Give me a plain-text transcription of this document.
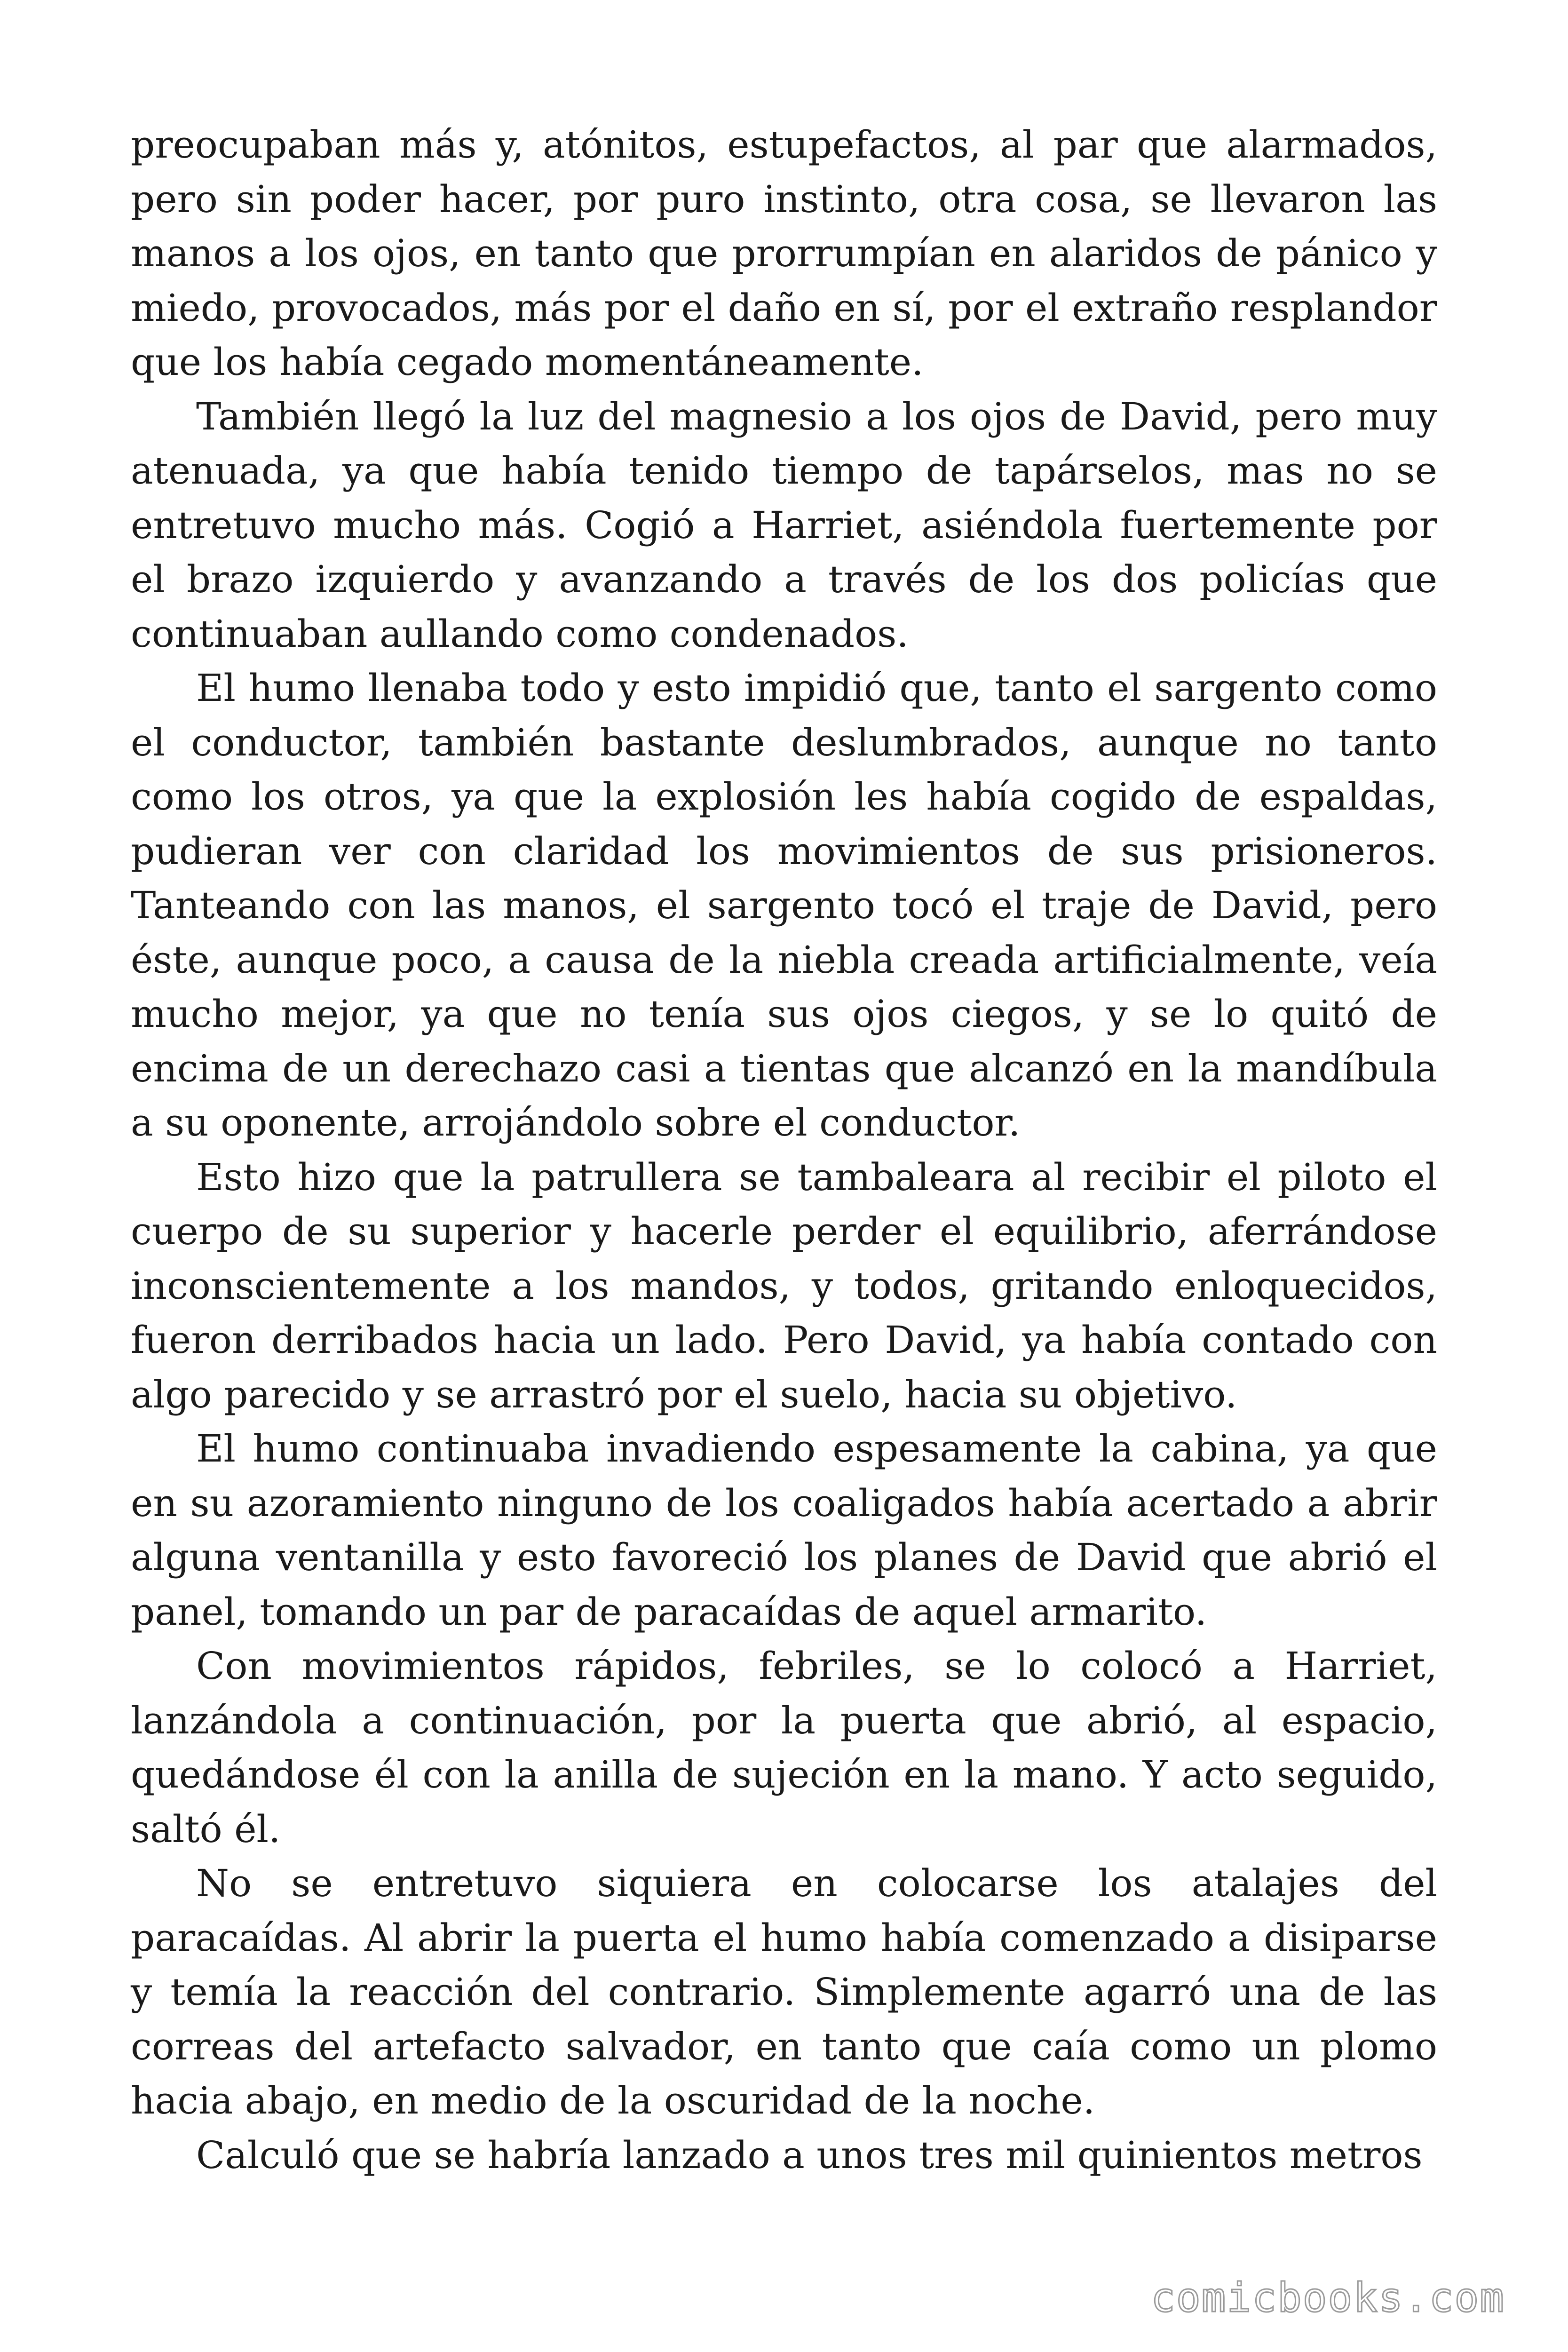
preocupaban más y, atónitos, estupefactos, al par que alarmados, pero sin poder hacer, por puro instinto, otra cosa, se llevaron las manos a los ojos, en tanto que prorrumpían en alaridos de pánico y miedo, provocados, más por el daño en sí, por el extraño resplandor que los había cegado momentáneamente.

También llegó la luz del magnesio a los ojos de David, pero muy atenuada, ya que había tenido tiempo de tapárselos, mas no se entretuvo mucho más. Cogió a Harriet, asiéndola fuertemente por el brazo izquierdo y avanzando a través de los dos policías que continuaban aullando como condenados.

El humo llenaba todo y esto impidió que, tanto el sargento como el conductor, también bastante deslumbrados, aunque no tanto como los otros, ya que la explosión les había cogido de espaldas, pudieran ver con claridad los movimientos de sus prisioneros. Tanteando con las manos, el sargento tocó el traje de David, pero éste, aunque poco, a causa de la niebla creada artificialmente, veía mucho mejor, ya que no tenía sus ojos ciegos, y se lo quitó de encima de un derechazo casi a tientas que alcanzó en la mandíbula a su oponente, arrojándolo sobre el conductor.

Esto hizo que la patrullera se tambaleara al recibir el piloto el cuerpo de su superior y hacerle perder el equilibrio, aferrándose inconscientemente a los mandos, y todos, gritando enloquecidos, fueron derribados hacia un lado. Pero David, ya había contado con algo parecido y se arrastró por el suelo, hacia su objetivo.

El humo continuaba invadiendo espesamente la cabina, ya que en su azoramiento ninguno de los coaligados había acertado a abrir alguna ventanilla y esto favoreció los planes de David que abrió el panel, tomando un par de paracaídas de aquel armarito.

Con movimientos rápidos, febriles, se lo colocó a Harriet, lanzándola a continuación, por la puerta que abrió, al espacio, quedándose él con la anilla de sujeción en la mano. Y acto seguido, saltó él.

No se entretuvo siquiera en colocarse los atalajes del paracaídas. Al abrir la puerta el humo había comenzado a disiparse y temía la reacción del contrario. Simplemente agarró una de las correas del artefacto salvador, en tanto que caía como un plomo hacia abajo, en medio de la oscuridad de la noche.

Calculó que se habría lanzado a unos tres mil quinientos metros

comicbooks.com
